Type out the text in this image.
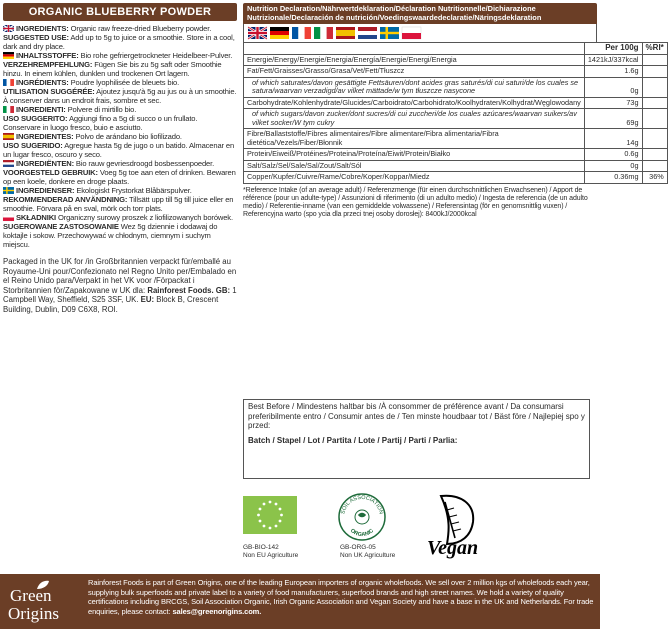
ORGANIC BLUEBERRY POWDER

INGREDIENTS: Organic raw freeze-dried Blueberry powder.

SUGGESTED USE: Add up to 5g to juice or a smoothie. Store in a cool, dark and dry place.

INHALTSSTOFFE: Bio rohe gefriergetrockneter Heidelbeer-Pulver.

VERZEHREMPFEHLUNG: Fügen Sie bis zu 5g saft oder Smoothie hinzu. In einem kühlen, dunklen und trockenen Ort lagern.

INGRÉDIENTS: Poudre lyophilisée de bleuets bio.

UTILISATION SUGGÉRÉE: Ajoutez jusqu'à 5g au jus ou à un smoothie. À conserver dans un endroit frais, sombre et sec.

INGREDIENTI: Polvere di mirtillo bio.

USO SUGGERITO: Aggiungi fino a 5g di succo o un frullato. Conservare in luogo fresco, buio e asciutto.

INGREDIENTES: Polvo de arándano bio liofilizado.

USO SUGERIDO: Agregue hasta 5g de jugo o un batido. Almacenar en un lugar fresco, oscuro y seco.

INGREDIËNTEN: Bio rauw gevriesdroogd bosbessenpoeder.

VOORGESTELD GEBRUIK: Voeg 5g toe aan eten of drinken. Bewaren op een koele, donkere en droge plaats.

INGREDIENSER: Ekologiskt Frystorkat Blåbärspulver.

REKOMMENDERAD ANVÄNDNING: Tillsätt upp till 5g till juice eller en smoothie. Förvara på en sval, mörk och torr plats.

SKŁADNIKI Organiczny surowy proszek z liofilizowanych borówek.

SUGEROWANE ZASTOSOWANIE Wez 5g dziennie i dodawaj do koktajle i sokow. Przechowywać w chłodnym, ciemnym i suchym miejscu.

Packaged in the UK for /in Großbritannien verpackt für/emballé au Royaume-Uni pour/Confezionato nel Regno Unito per/Embalado en el Reino Unido para/Verpakt in het VK voor /Förpackat i Storbritannien för/Zapakowane w UK dla: Rainforest Foods. GB: 1 Campbell Way, Sheffield, S25 3SF, UK. EU: Block B, Crescent Building, Dublin, D09 C6X8, ROI.
Nutrition Declaration/Nährwertdeklaration/Déclaration Nutritionnelle/Dichiarazione Nutrizionale/Declaración de nutrición/Voedingswaardedeclaratie/Näringsdeklaration
	Per 100g	%RI*
Energie/Energy/Energie/Energia/Energía/Energie/Energi/Energia	1421kJ/337kcal	
Fat/Fett/Graisses/Grasso/Grasa/Vet/Fett/Tłuszcz	1.6g	
of which saturates/davon gesättigte Fettsäuren/dont acides gras saturés/di cui saturi/de los cuales se satura/waarvan verzadigd/av vilket mättade/w tym tłuszcze nasycone	0g	
Carbohydrate/Kohlenhydrate/Glucides/Carboidrato/Carbohidrato/Koolhydraten/Kolhydrat/Węglowodany	73g	
of which sugars/davon zucker/dont sucres/di cui zuccheri/de los cuales azúcares/waarvan suikers/av vilket socker/W tym cukry	69g	
Fibre/Ballaststoffe/Fibres alimentaires/Fibre alimentare/Fibra alimentaria/Fibra dietética/Vezels/Fiber/Błonnik	14g	
Protein/Eiweiß/Protéines/Proteina/Proteína/Eiwit/Protein/Białko	0.6g	
Salt/Salz/Sel/Sale/Sal/Zout/Salt/Sól	0g	
Copper/Kupfer/Cuivre/Rame/Cobre/Koper/Koppar/Miedz	0.36mg	36%
*Reference Intake (of an average adult) / Referenzmenge (für einen durchschnittlichen Erwachsenen) / Apport de référence (pour un adulte-type) / Assunzioni di riferimento (di un adulto medio) / Ingesta de referencia (de un adulto medio) / Referentie-inname (van een gemiddelde volwassene) / Referensintag (för en genomsnittlig vuxen) / Referencyjna warto (spo ycia dla przeci tnej osoby dorosłej): 8400kJ/2000kcal
Best Before / Mindestens haltbar bis /À consommer de préférence avant / Da consumarsi preferibilmente entro / Consumir antes de / Ten minste houdbaar tot / Bäst före / Najlepiej spo y przed:
Batch / Stapel / Lot / Partita / Lote / Partij / Parti / Parlia:
GB-BIO-142
Non EU Agriculture
SOIL ASSOCIATION
ORGANIC
GB-ORG-05
Non UK Agriculture Vegan
Green
Origins
Rainforest Foods is part of Green Origins, one of the leading European importers of organic wholefoods. We sell over 2 million kgs of wholefoods each year, supplying bulk superfoods and private label to a variety of food manufacturers, superfood brands and high street names. We hold a variety of quality certifications including BRCGS, Soil Association Organic, Irish Organic Association and Vegan Society and have a base in the UK and Netherlands. For trade enquiries, please contact: sales@greenorigins.com.
